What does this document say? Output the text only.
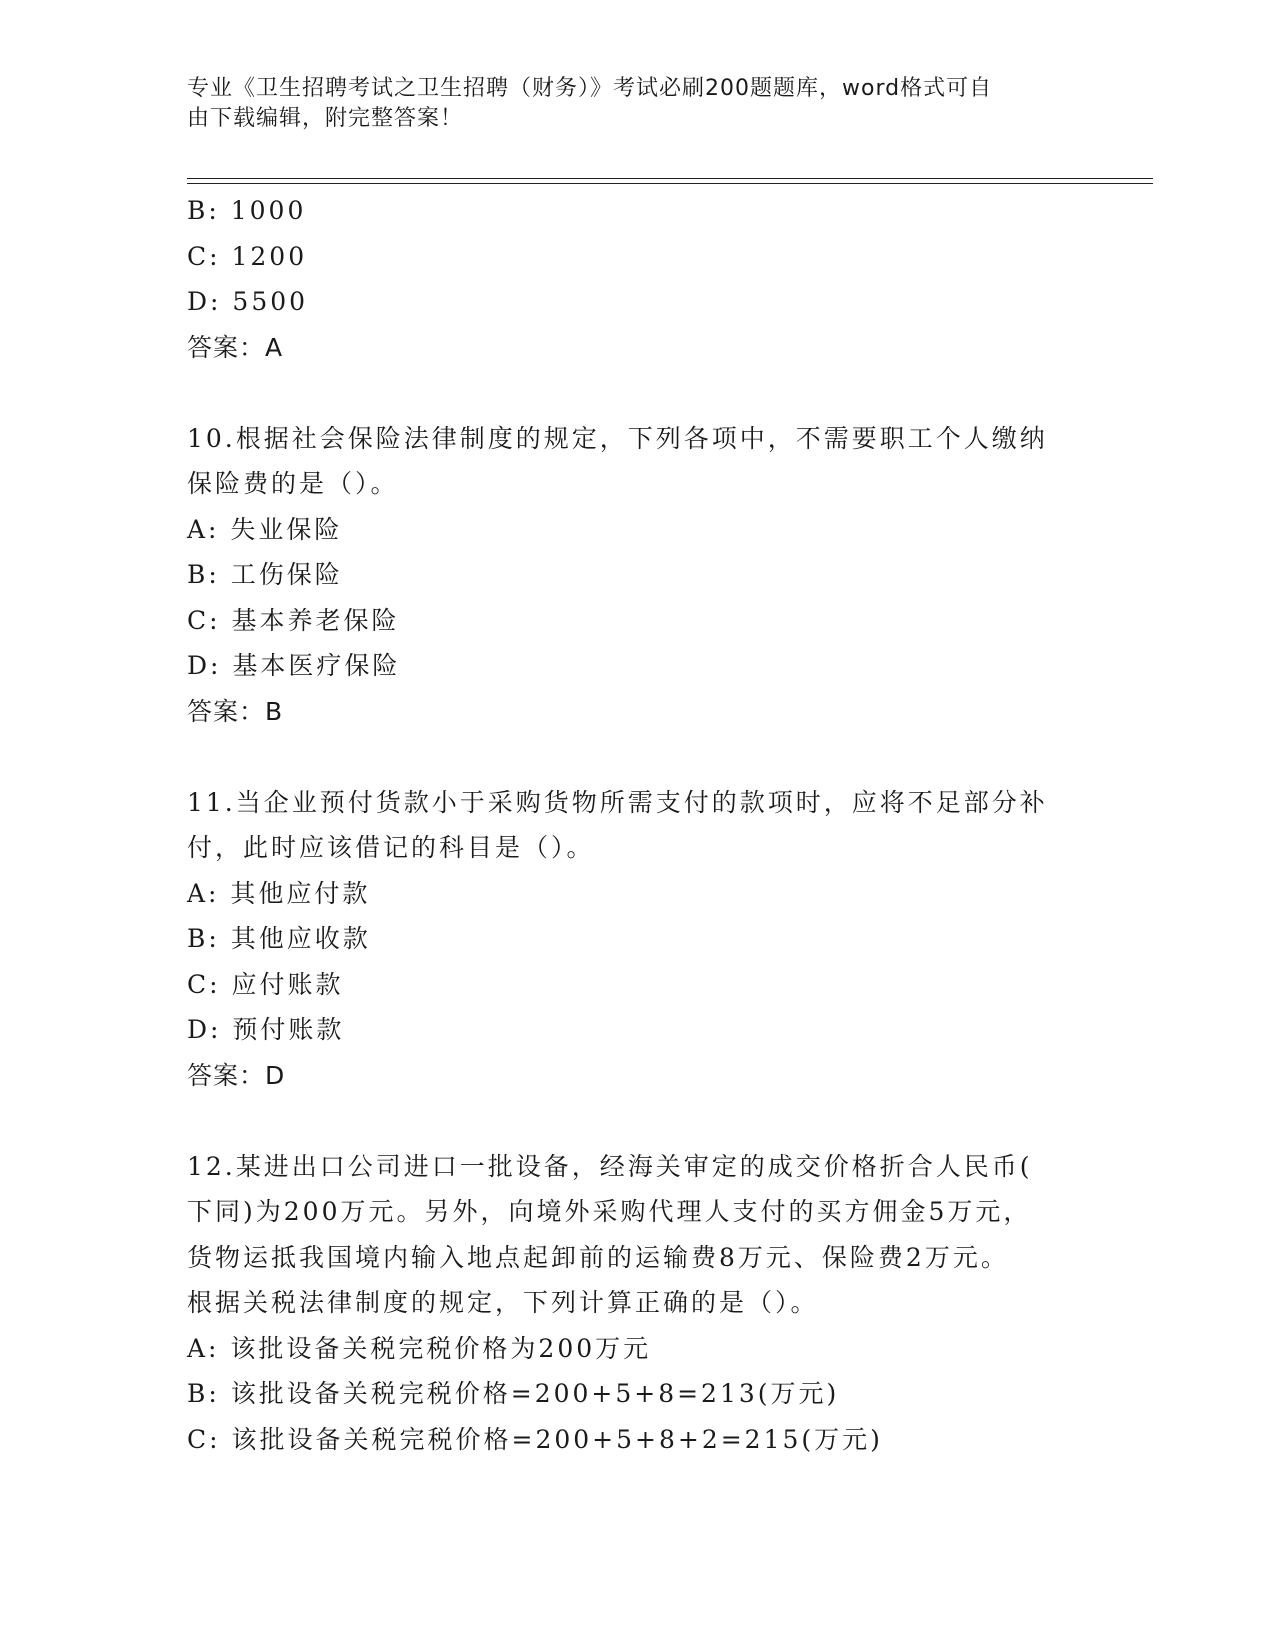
专业《卫生招聘考试之卫生招聘（财务）》考试必刷200题题库，word格式可自
由下载编辑，附完整答案！
B: 1000
C: 1200
D: 5500
答案：A
10.根据社会保险法律制度的规定，下列各项中，不需要职工个人缴纳
保险费的是（）。
A: 失业保险
B: 工伤保险
C: 基本养老保险
D: 基本医疗保险
答案：B
11.当企业预付货款小于采购货物所需支付的款项时，应将不足部分补
付，此时应该借记的科目是（）。
A: 其他应付款
B: 其他应收款
C: 应付账款
D: 预付账款
答案：D
12.某进出口公司进口一批设备，经海关审定的成交价格折合人民币(
下同)为200万元。另外，向境外采购代理人支付的买方佣金5万元，
货物运抵我国境内输入地点起卸前的运输费8万元、保险费2万元。
根据关税法律制度的规定，下列计算正确的是（）。
A: 该批设备关税完税价格为200万元
B: 该批设备关税完税价格=200+5+8=213(万元)
C: 该批设备关税完税价格=200+5+8+2=215(万元)
